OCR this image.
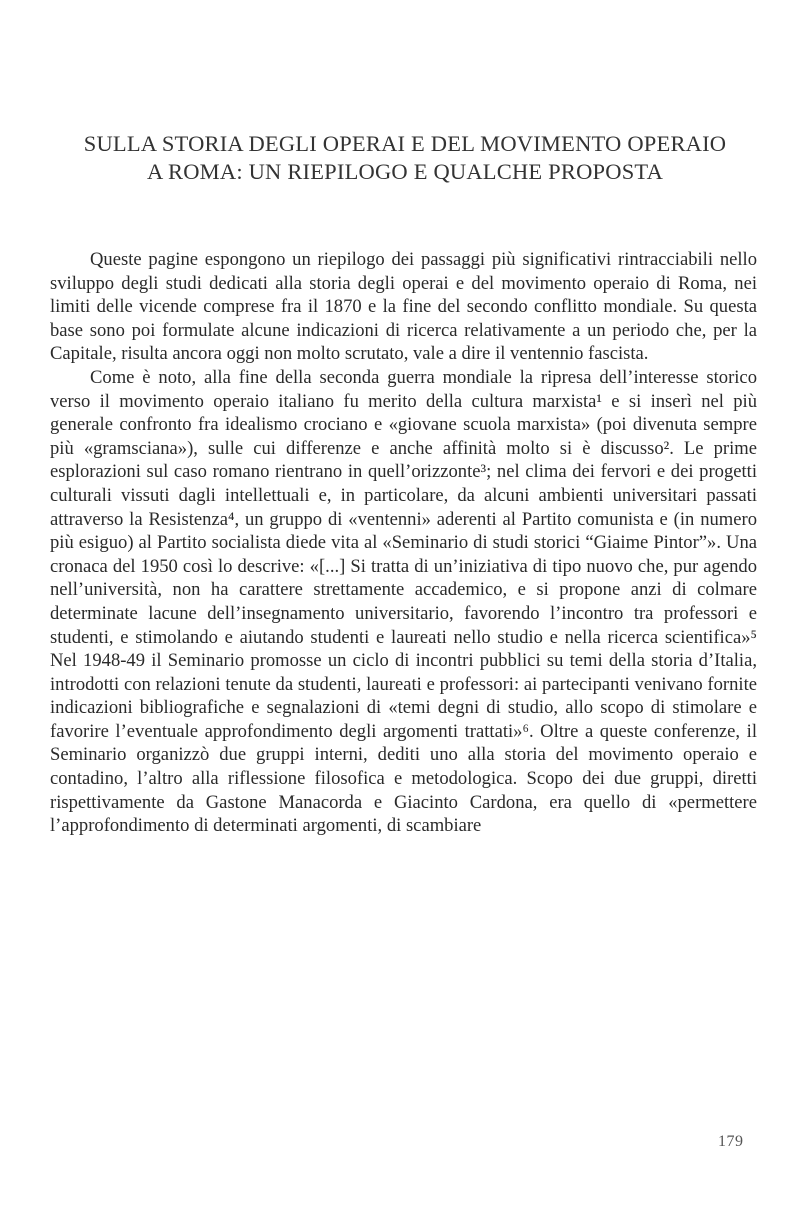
SULLA STORIA DEGLI OPERAI E DEL MOVIMENTO OPERAIO
A ROMA: UN RIEPILOGO E QUALCHE PROPOSTA

Queste pagine espongono un riepilogo dei passaggi più significativi rintracciabili nello sviluppo degli studi dedicati alla storia degli operai e del movimento operaio di Roma, nei limiti delle vicende comprese fra il 1870 e la fine del secondo conflitto mondiale. Su questa base sono poi formulate alcune indicazioni di ricerca relativamente a un periodo che, per la Capitale, risulta ancora oggi non molto scrutato, vale a dire il ventennio fascista.

Come è noto, alla fine della seconda guerra mondiale la ripresa dell’interesse storico verso il movimento operaio italiano fu merito della cultura marxista¹ e si inserì nel più generale confronto fra idealismo crociano e «giovane scuola marxista» (poi divenuta sempre più «gramsciana»), sulle cui differenze e anche affinità molto si è discusso². Le prime esplorazioni sul caso romano rientrano in quell’orizzonte³; nel clima dei fervori e dei progetti culturali vissuti dagli intellettuali e, in particolare, da alcuni ambienti universitari passati attraverso la Resistenza⁴, un gruppo di «ventenni» aderenti al Partito comunista e (in numero più esiguo) al Partito socialista diede vita al «Seminario di studi storici “Giaime Pintor”». Una cronaca del 1950 così lo descrive: «[...] Si tratta di un’iniziativa di tipo nuovo che, pur agendo nell’università, non ha carattere strettamente accademico, e si propone anzi di colmare determinate lacune dell’insegnamento universitario, favorendo l’incontro tra professori e studenti, e stimolando e aiutando studenti e laureati nello studio e nella ricerca scientifica»⁵ Nel 1948-49 il Seminario promosse un ciclo di incontri pubblici su temi della storia d’Italia, introdotti con relazioni tenute da studenti, laureati e professori: ai partecipanti venivano fornite indicazioni bibliografiche e segnalazioni di «temi degni di studio, allo scopo di stimolare e favorire l’eventuale approfondimento degli argomenti trattati»⁶. Oltre a queste conferenze, il Seminario organizzò due gruppi interni, dediti uno alla storia del movimento operaio e contadino, l’altro alla riflessione filosofica e metodologica. Scopo dei due gruppi, diretti rispettivamente da Gastone Manacorda e Giacinto Cardona, era quello di «permettere l’approfondimento di determinati argomenti, di scambiare

179
